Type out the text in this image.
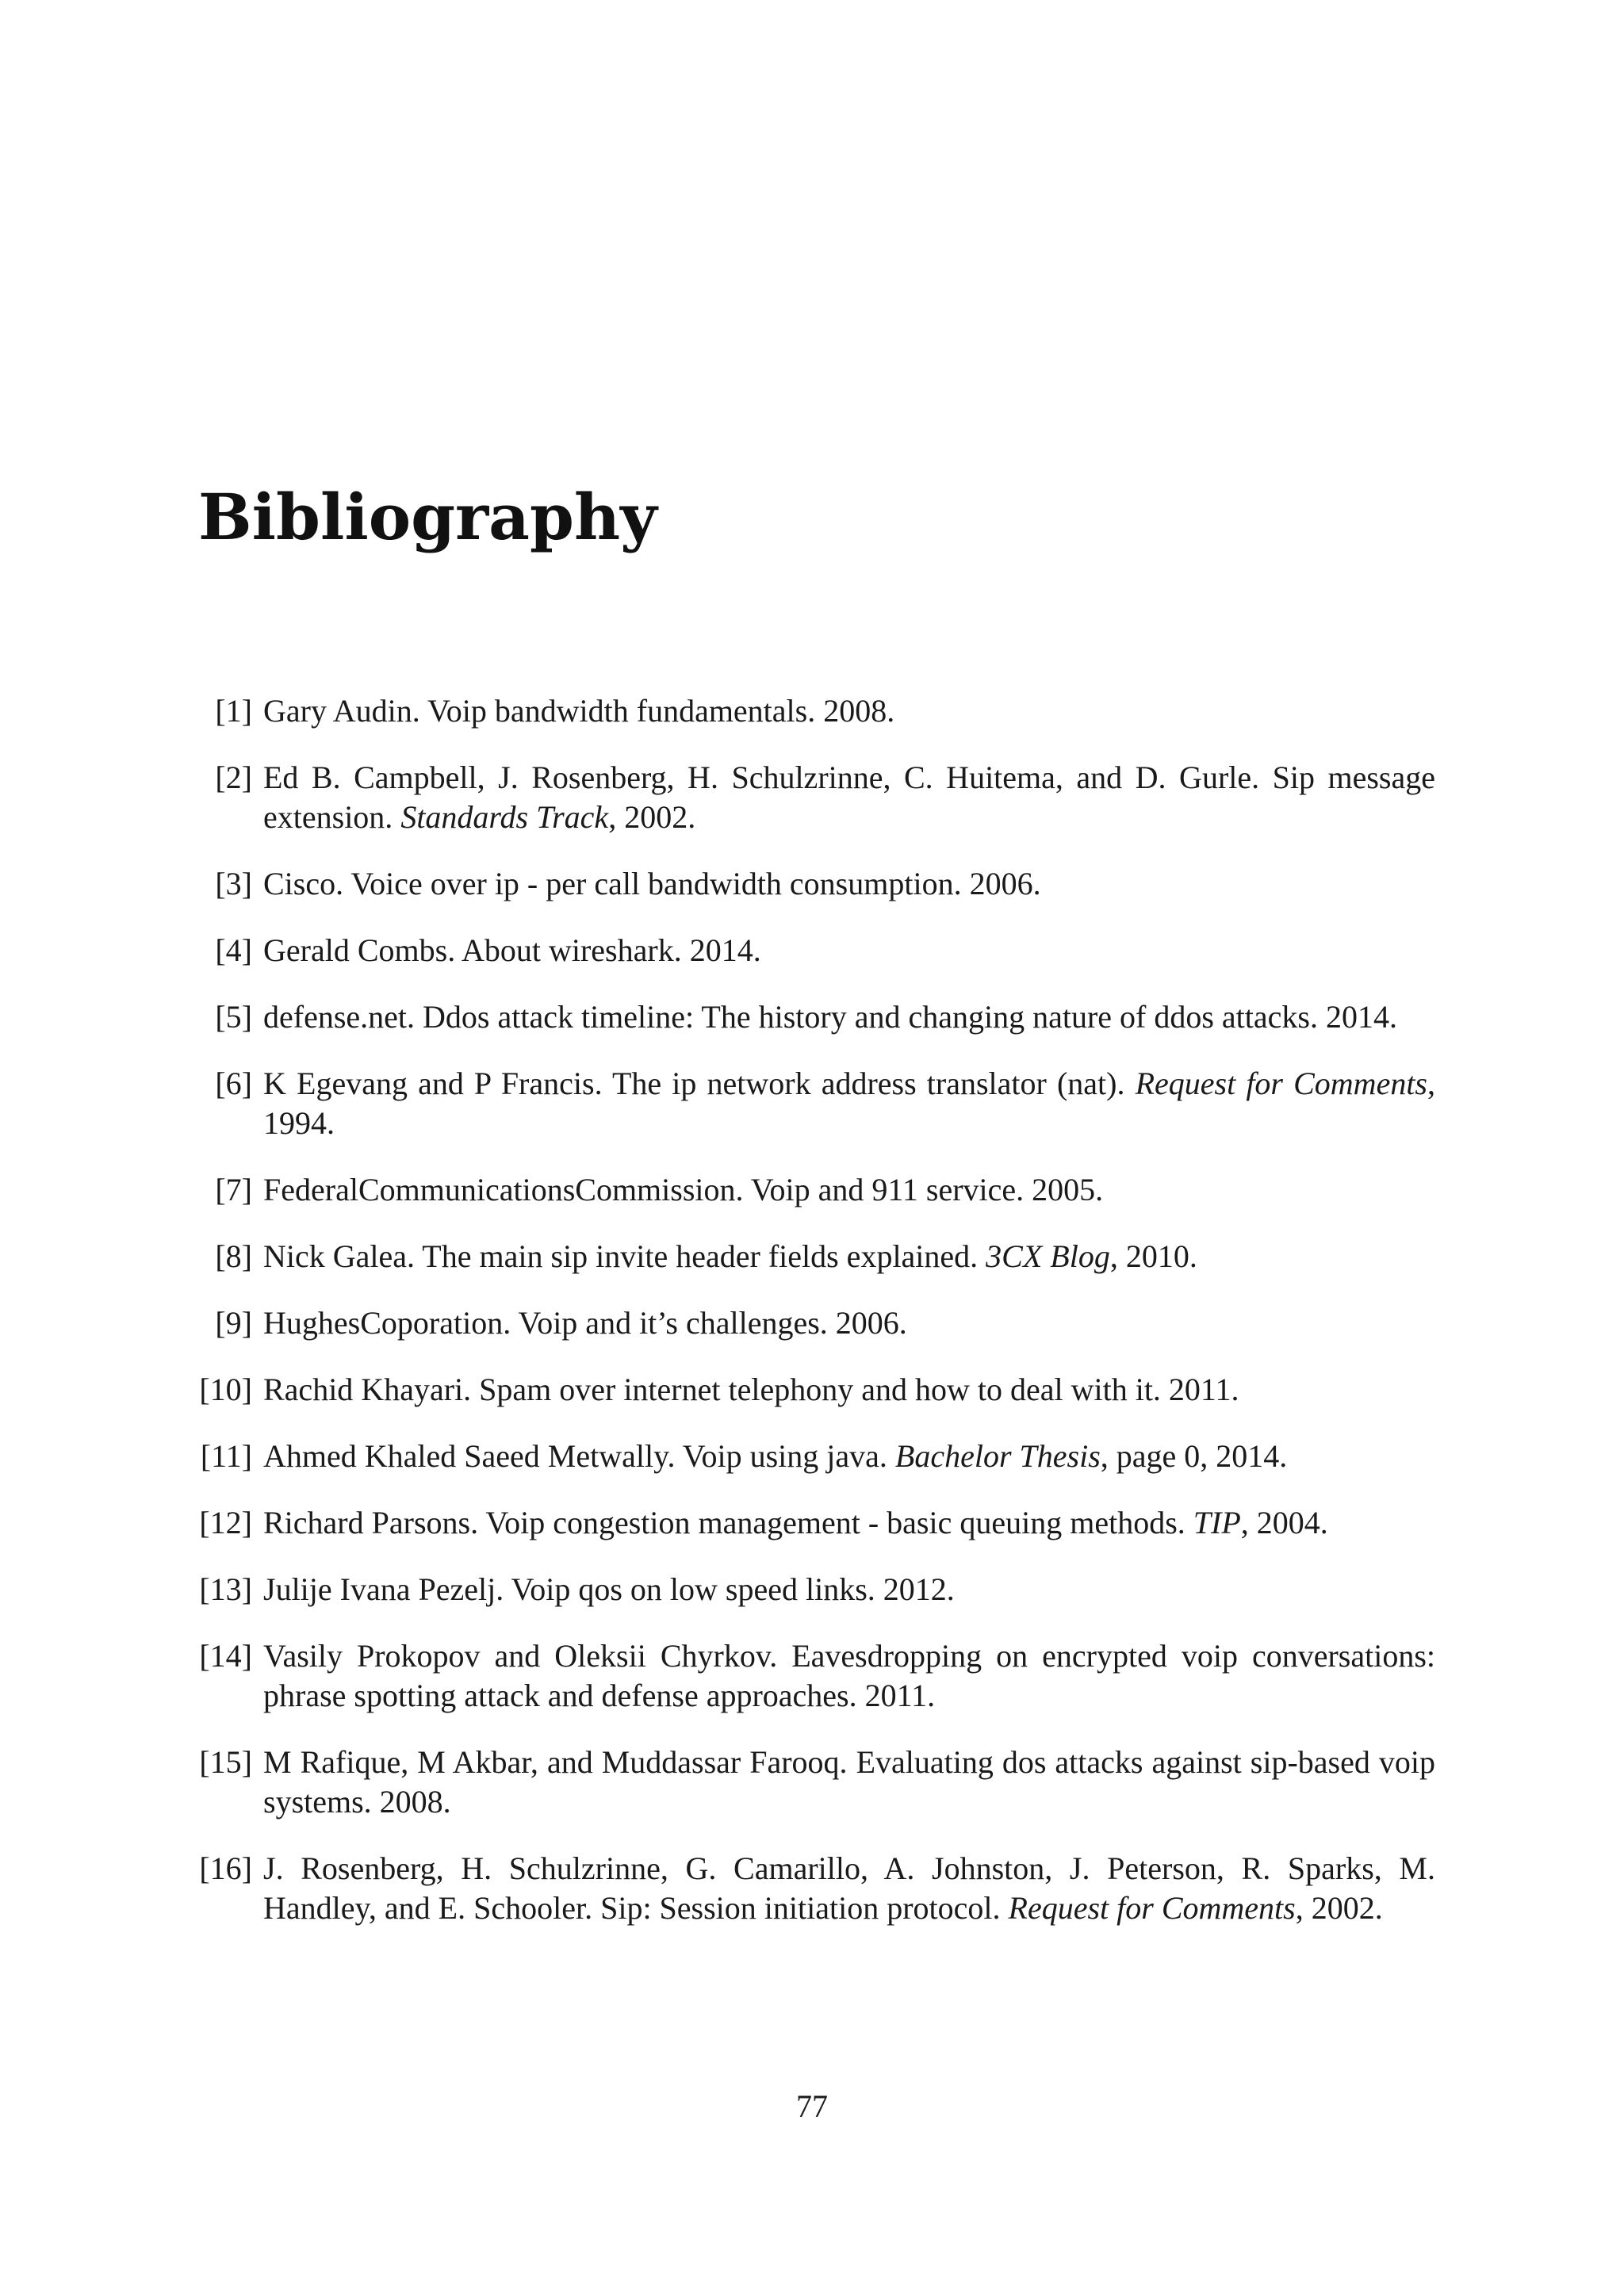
Bibliography
[1] Gary Audin. Voip bandwidth fundamentals. 2008.
[2] Ed B. Campbell, J. Rosenberg, H. Schulzrinne, C. Huitema, and D. Gurle. Sip message extension. Standards Track, 2002.
[3] Cisco. Voice over ip - per call bandwidth consumption. 2006.
[4] Gerald Combs. About wireshark. 2014.
[5] defense.net. Ddos attack timeline: The history and changing nature of ddos attacks. 2014.
[6] K Egevang and P Francis. The ip network address translator (nat). Request for Comments, 1994.
[7] FederalCommunicationsCommission. Voip and 911 service. 2005.
[8] Nick Galea. The main sip invite header fields explained. 3CX Blog, 2010.
[9] HughesCoporation. Voip and it’s challenges. 2006.
[10] Rachid Khayari. Spam over internet telephony and how to deal with it. 2011.
[11] Ahmed Khaled Saeed Metwally. Voip using java. Bachelor Thesis, page 0, 2014.
[12] Richard Parsons. Voip congestion management - basic queuing methods. TIP, 2004.
[13] Julije Ivana Pezelj. Voip qos on low speed links. 2012.
[14] Vasily Prokopov and Oleksii Chyrkov. Eavesdropping on encrypted voip conversations: phrase spotting attack and defense approaches. 2011.
[15] M Rafique, M Akbar, and Muddassar Farooq. Evaluating dos attacks against sip-based voip systems. 2008.
[16] J. Rosenberg, H. Schulzrinne, G. Camarillo, A. Johnston, J. Peterson, R. Sparks, M. Handley, and E. Schooler. Sip: Session initiation protocol. Request for Comments, 2002.
77
